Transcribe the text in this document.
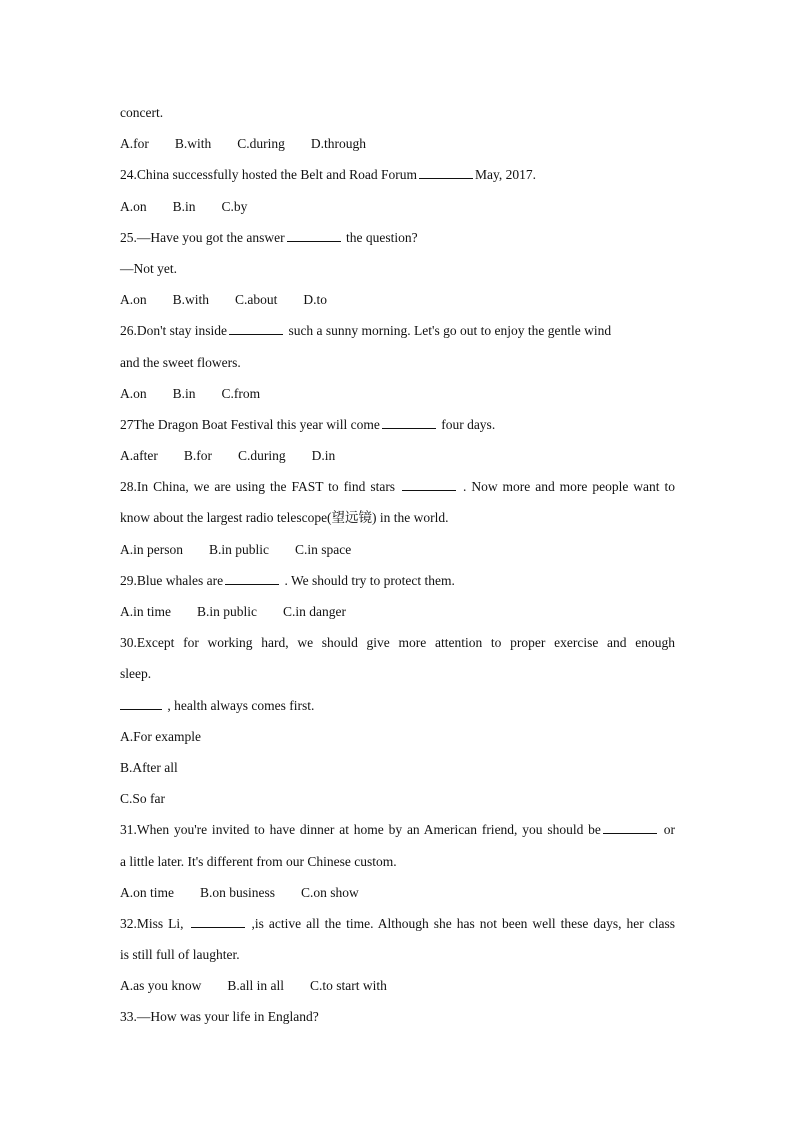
concert.
A.for B.with C.during D.through
24.China successfully hosted the Belt and Road Forum	May, 2017.
A.on B.in C.by
25.—Have you got the answer	the question?
—Not yet.
A.on B.with C.about D.to
26.Don't stay inside	such a sunny morning. Let's go out to enjoy the gentle wind
and the sweet flowers.
A.on B.in C.from
27The Dragon Boat Festival this year will come	four days.
A.after B.for C.during D.in
28.In China, we are using the FAST to find stars	. Now more and more people want to
know about the largest radio telescope(望远镜) in the world.
A.in person B.in public C.in space
29.Blue whales are	. We should try to protect them.
A.in time B.in public C.in danger
30.Except for working hard, we should give more attention to proper exercise and enough
sleep.
, health always comes first.
A.For example
B.After all
C.So far
31.When you're invited to have dinner at home by an American friend, you should be	or
a little later. It's different from our Chinese custom.
A.on time B.on business C.on show
32.Miss Li,	,is active all the time. Although she has not been well these days, her class
is still full of laughter.
A.as you know B.all in all C.to start with
33.—How was your life in England?
